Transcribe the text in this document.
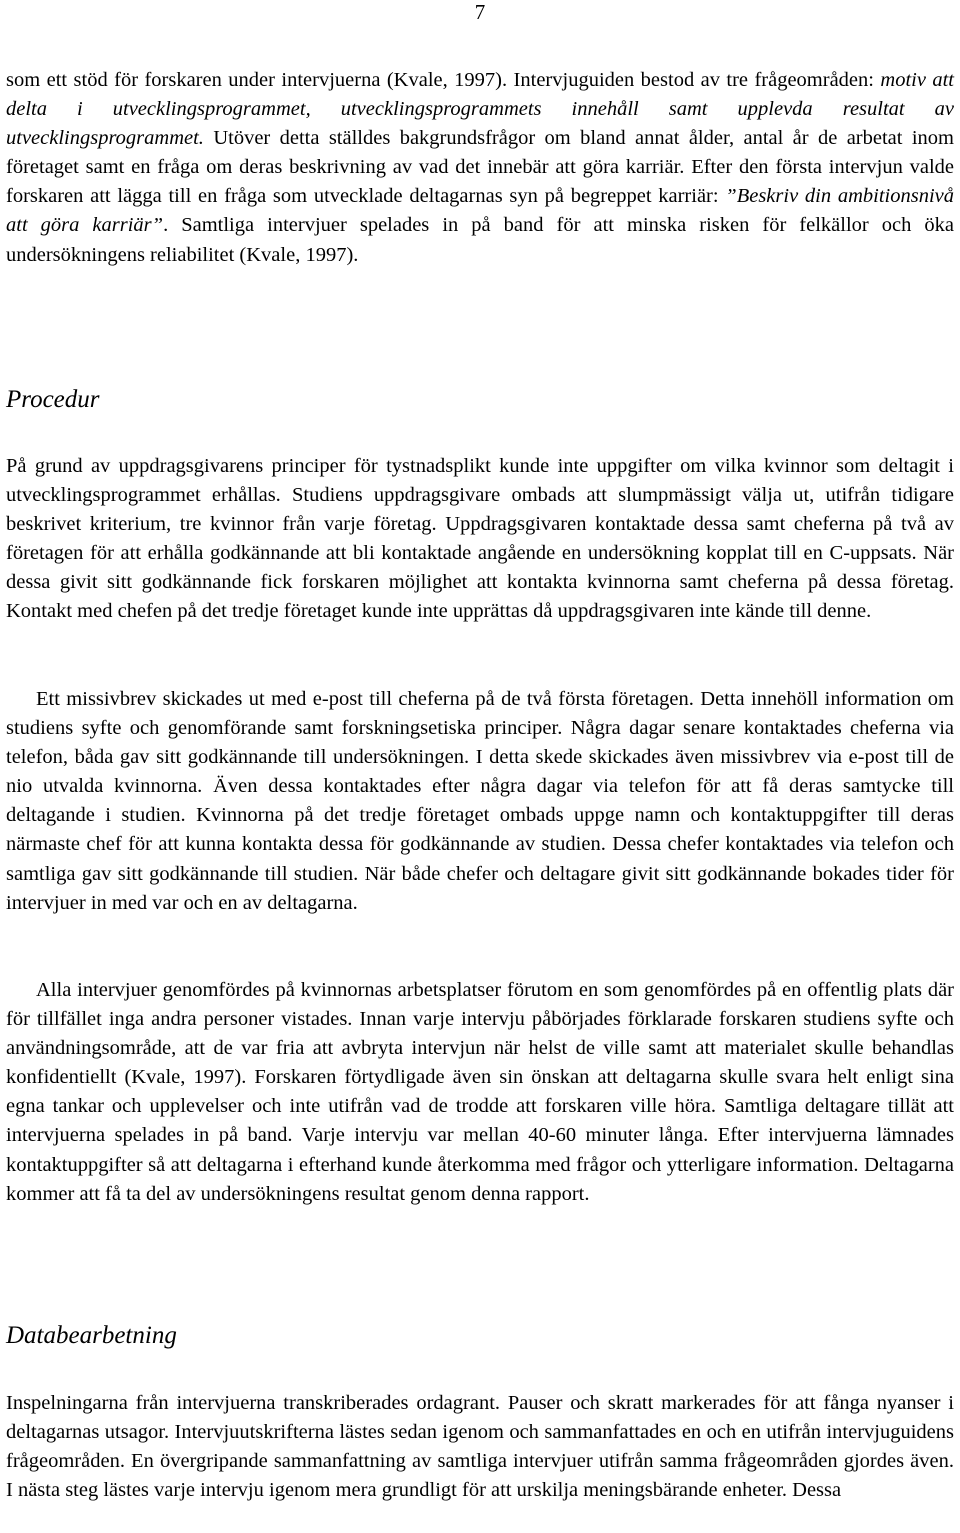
7

som ett stöd för forskaren under intervjuerna (Kvale, 1997). Intervjuguiden bestod av tre frågeområden: motiv att delta i utvecklingsprogrammet, utvecklingsprogrammets innehåll samt upplevda resultat av utvecklingsprogrammet. Utöver detta ställdes bakgrundsfrågor om bland annat ålder, antal år de arbetat inom företaget samt en fråga om deras beskrivning av vad det innebär att göra karriär. Efter den första intervjun valde forskaren att lägga till en fråga som utvecklade deltagarnas syn på begreppet karriär: ”Beskriv din ambitionsnivå att göra karriär”. Samtliga intervjuer spelades in på band för att minska risken för felkällor och öka undersökningens reliabilitet (Kvale, 1997).

Procedur

På grund av uppdragsgivarens principer för tystnadsplikt kunde inte uppgifter om vilka kvinnor som deltagit i utvecklingsprogrammet erhållas. Studiens uppdragsgivare ombads att slumpmässigt välja ut, utifrån tidigare beskrivet kriterium, tre kvinnor från varje företag. Uppdragsgivaren kontaktade dessa samt cheferna på två av företagen för att erhålla godkännande att bli kontaktade angående en undersökning kopplat till en C-uppsats. När dessa givit sitt godkännande fick forskaren möjlighet att kontakta kvinnorna samt cheferna på dessa företag. Kontakt med chefen på det tredje företaget kunde inte upprättas då uppdragsgivaren inte kände till denne.

Ett missivbrev skickades ut med e-post till cheferna på de två första företagen. Detta innehöll information om studiens syfte och genomförande samt forskningsetiska principer. Några dagar senare kontaktades cheferna via telefon, båda gav sitt godkännande till undersökningen. I detta skede skickades även missivbrev via e-post till de nio utvalda kvinnorna. Även dessa kontaktades efter några dagar via telefon för att få deras samtycke till deltagande i studien. Kvinnorna på det tredje företaget ombads uppge namn och kontaktuppgifter till deras närmaste chef för att kunna kontakta dessa för godkännande av studien. Dessa chefer kontaktades via telefon och samtliga gav sitt godkännande till studien. När både chefer och deltagare givit sitt godkännande bokades tider för intervjuer in med var och en av deltagarna.

Alla intervjuer genomfördes på kvinnornas arbetsplatser förutom en som genomfördes på en offentlig plats där för tillfället inga andra personer vistades. Innan varje intervju påbörjades förklarade forskaren studiens syfte och användningsområde, att de var fria att avbryta intervjun när helst de ville samt att materialet skulle behandlas konfidentiellt (Kvale, 1997). Forskaren förtydligade även sin önskan att deltagarna skulle svara helt enligt sina egna tankar och upplevelser och inte utifrån vad de trodde att forskaren ville höra. Samtliga deltagare tillät att intervjuerna spelades in på band. Varje intervju var mellan 40-60 minuter långa. Efter intervjuerna lämnades kontaktuppgifter så att deltagarna i efterhand kunde återkomma med frågor och ytterligare information. Deltagarna kommer att få ta del av undersökningens resultat genom denna rapport.

Databearbetning

Inspelningarna från intervjuerna transkriberades ordagrant. Pauser och skratt markerades för att fånga nyanser i deltagarnas utsagor. Intervjuutskrifterna lästes sedan igenom och sammanfattades en och en utifrån intervjuguidens frågeområden. En övergripande sammanfattning av samtliga intervjuer utifrån samma frågeområden gjordes även. I nästa steg lästes varje intervju igenom mera grundligt för att urskilja meningsbärande enheter. Dessa
